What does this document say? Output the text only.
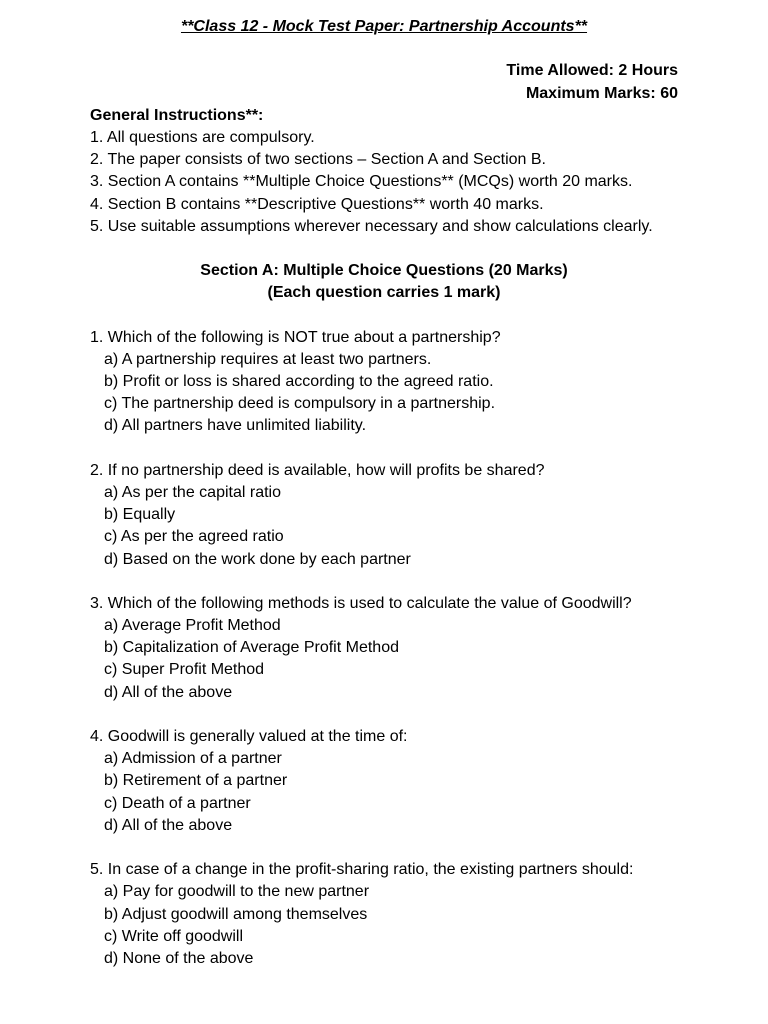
**Class 12 - Mock Test Paper: Partnership Accounts**
Time Allowed: 2 Hours
Maximum Marks: 60
General Instructions**:
1. All questions are compulsory.
2. The paper consists of two sections – Section A and Section B.
3. Section A contains **Multiple Choice Questions** (MCQs) worth 20 marks.
4. Section B contains **Descriptive Questions** worth 40 marks.
5. Use suitable assumptions wherever necessary and show calculations clearly.
Section A: Multiple Choice Questions (20 Marks)
(Each question carries 1 mark)
1. Which of the following is NOT true about a partnership?
a) A partnership requires at least two partners.
b) Profit or loss is shared according to the agreed ratio.
c) The partnership deed is compulsory in a partnership.
d) All partners have unlimited liability.
2. If no partnership deed is available, how will profits be shared?
a) As per the capital ratio
b) Equally
c) As per the agreed ratio
d) Based on the work done by each partner
3. Which of the following methods is used to calculate the value of Goodwill?
a) Average Profit Method
b) Capitalization of Average Profit Method
c) Super Profit Method
d) All of the above
4. Goodwill is generally valued at the time of:
a) Admission of a partner
b) Retirement of a partner
c) Death of a partner
d) All of the above
5. In case of a change in the profit-sharing ratio, the existing partners should:
a) Pay for goodwill to the new partner
b) Adjust goodwill among themselves
c) Write off goodwill
d) None of the above
